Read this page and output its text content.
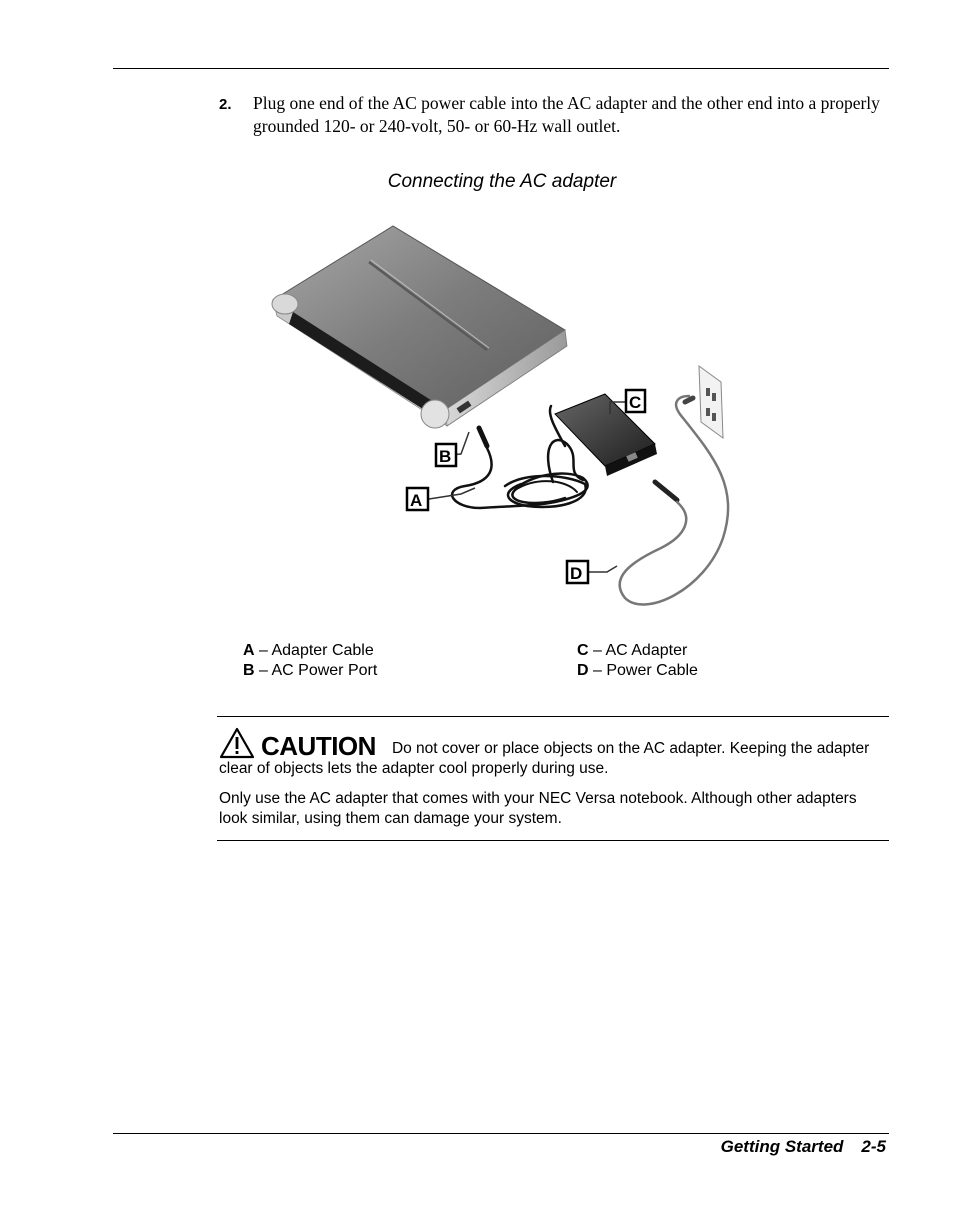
2. Plug one end of the AC power cable into the AC adapter and the other end into a properly grounded 120- or 240-volt, 50- or 60-Hz wall outlet.
Connecting the AC adapter
B
A
C
D
A – Adapter Cable
B – AC Power Port
C – AC Adapter
D – Power Cable
CAUTION Do not cover or place objects on the AC adapter. Keeping the adapter clear of objects lets the adapter cool properly during use.
Only use the AC adapter that comes with your NEC Versa notebook. Although other adapters look similar, using them can damage your system.
Getting Started 2-5
